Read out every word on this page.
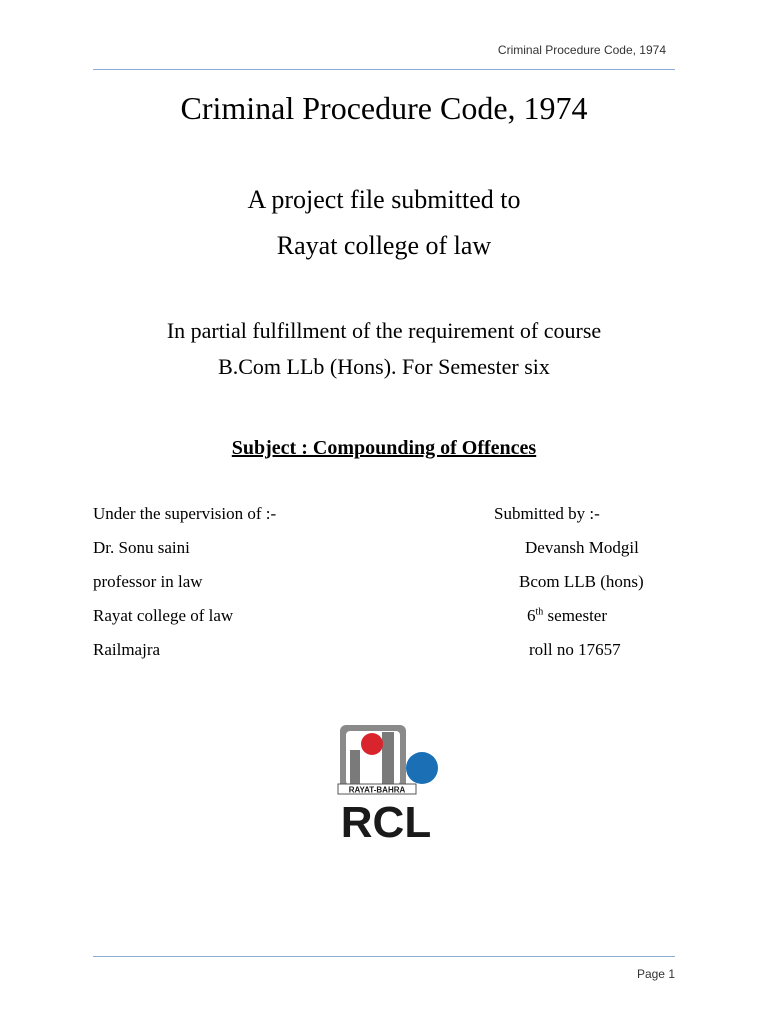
Criminal Procedure Code, 1974
Criminal Procedure Code, 1974
A project file submitted to
Rayat college of law
In partial fulfillment of the requirement of course
B.Com LLb (Hons). For Semester six
Subject : Compounding of Offences
Under the supervision of :-
Dr. Sonu saini
professor in law
Rayat college of law
Railmajra
Submitted by :-
Devansh Modgil
Bcom LLB (hons)
6th semester
roll no 17657
RAYAT-BAHRA
RCL
Page 1
